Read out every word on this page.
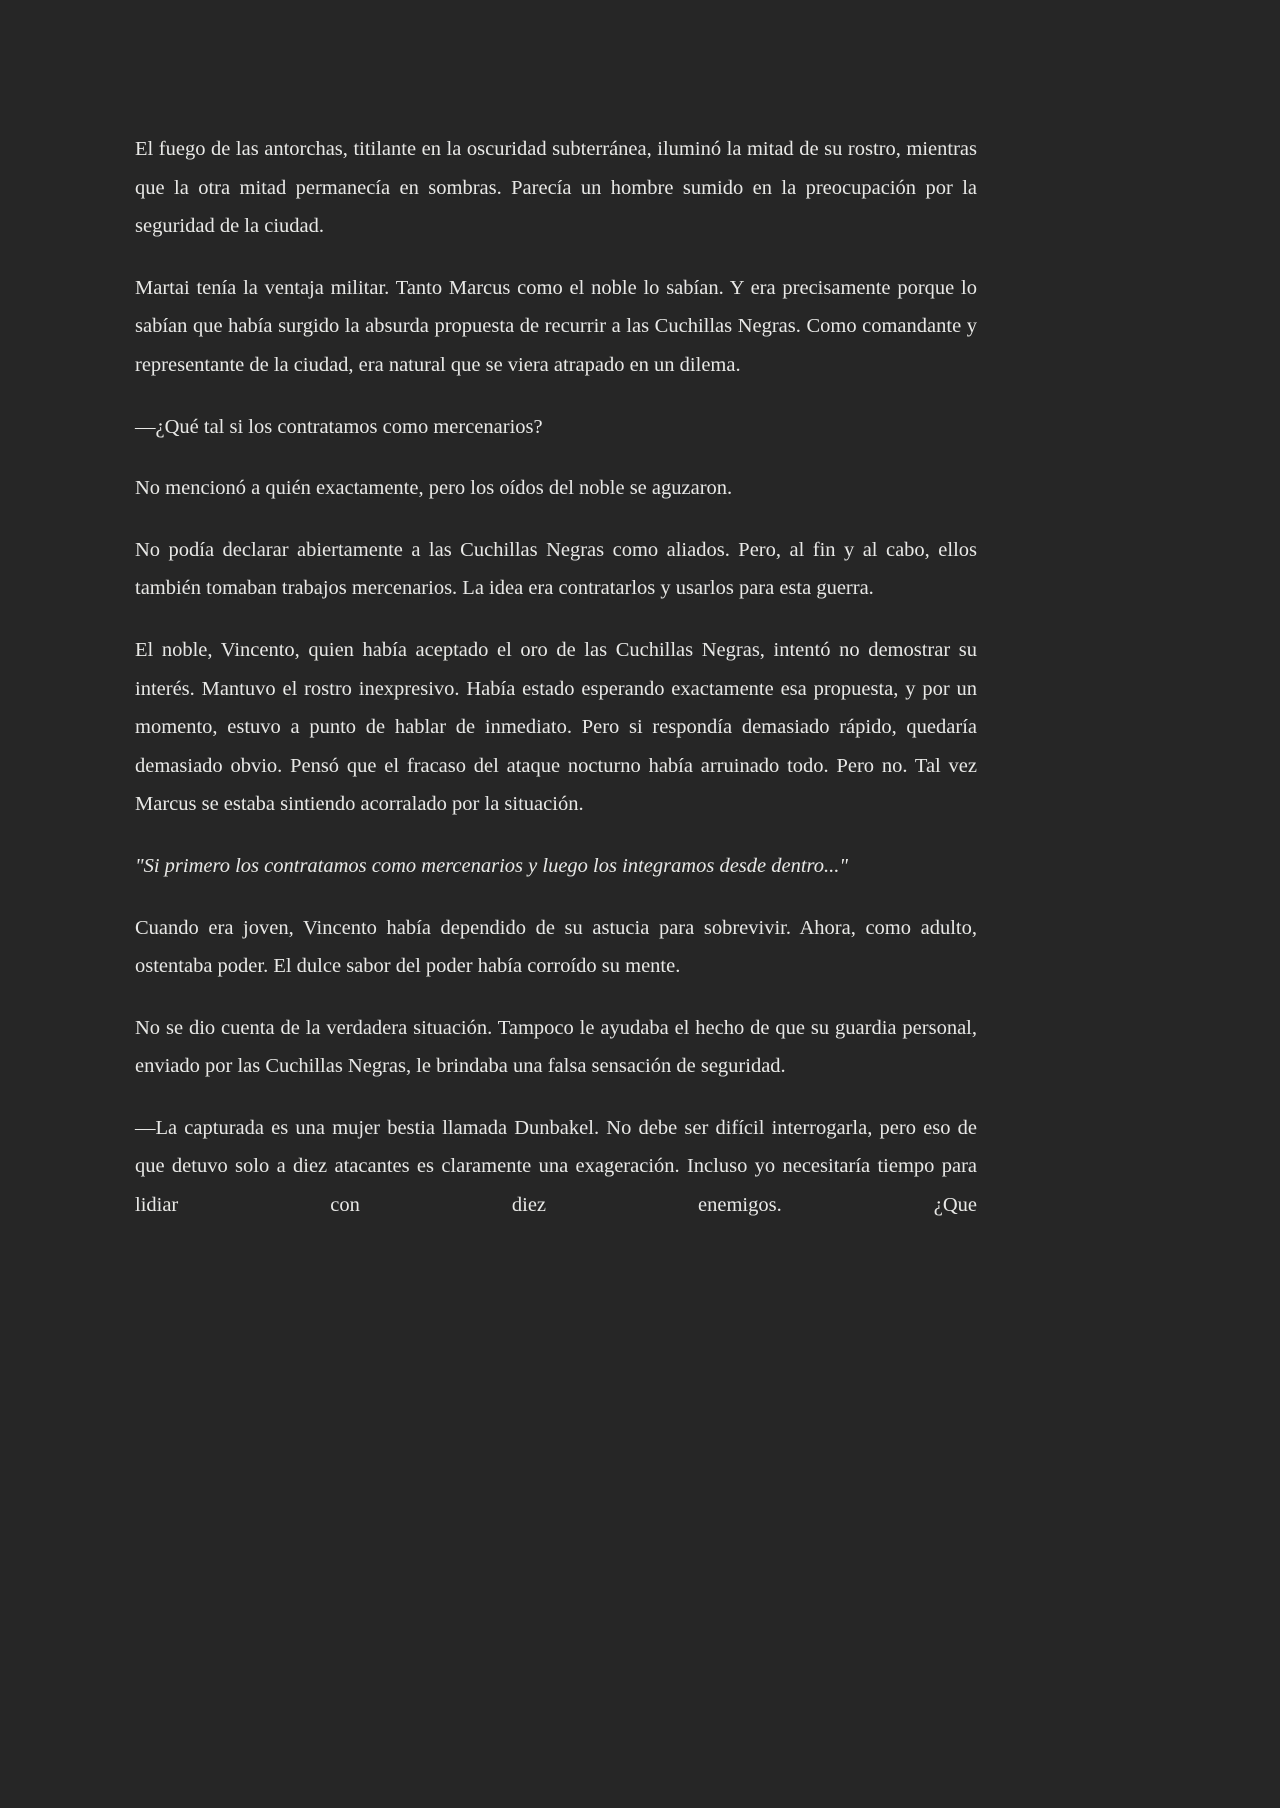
El fuego de las antorchas, titilante en la oscuridad subterránea, iluminó la mitad de su rostro, mientras que la otra mitad permanecía en sombras. Parecía un hombre sumido en la preocupación por la seguridad de la ciudad.

Martai tenía la ventaja militar. Tanto Marcus como el noble lo sabían. Y era precisamente porque lo sabían que había surgido la absurda propuesta de recurrir a las Cuchillas Negras. Como comandante y representante de la ciudad, era natural que se viera atrapado en un dilema.

—¿Qué tal si los contratamos como mercenarios?

No mencionó a quién exactamente, pero los oídos del noble se aguzaron.

No podía declarar abiertamente a las Cuchillas Negras como aliados. Pero, al fin y al cabo, ellos también tomaban trabajos mercenarios. La idea era contratarlos y usarlos para esta guerra.

El noble, Vincento, quien había aceptado el oro de las Cuchillas Negras, intentó no demostrar su interés. Mantuvo el rostro inexpresivo. Había estado esperando exactamente esa propuesta, y por un momento, estuvo a punto de hablar de inmediato. Pero si respondía demasiado rápido, quedaría demasiado obvio. Pensó que el fracaso del ataque nocturno había arruinado todo. Pero no. Tal vez Marcus se estaba sintiendo acorralado por la situación.

"Si primero los contratamos como mercenarios y luego los integramos desde dentro..."

Cuando era joven, Vincento había dependido de su astucia para sobrevivir. Ahora, como adulto, ostentaba poder. El dulce sabor del poder había corroído su mente.

No se dio cuenta de la verdadera situación. Tampoco le ayudaba el hecho de que su guardia personal, enviado por las Cuchillas Negras, le brindaba una falsa sensación de seguridad.

—La capturada es una mujer bestia llamada Dunbakel. No debe ser difícil interrogarla, pero eso de que detuvo solo a diez atacantes es claramente una exageración. Incluso yo necesitaría tiempo para lidiar con diez enemigos. ¿Que
